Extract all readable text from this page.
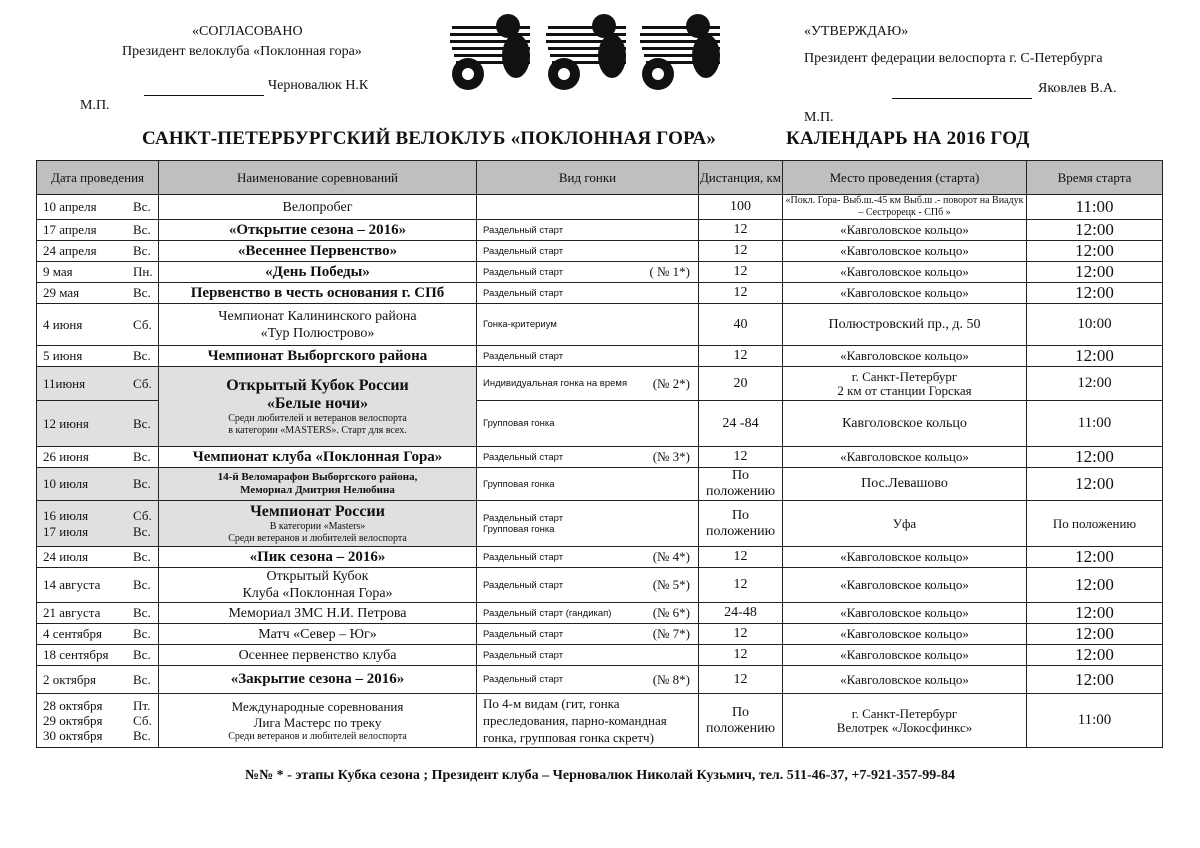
«СОГЛАСОВАНО
Президент велоклуба «Поклонная гора»
Черновалюк Н.К
М.П.
«УТВЕРЖДАЮ»
Президент федерации велоспорта г. С-Петербурга
Яковлев В.А.
М.П.
САНКТ-ПЕТЕРБУРГСКИЙ ВЕЛОКЛУБ «ПОКЛОННАЯ ГОРА»	КАЛЕНДАРЬ НА 2016 ГОД
Дата проведения	Наименование соревнований	Вид гонки	Дистанция, км	Место проведения (старта)	Время старта
10 апреля Вс.	Велопробег		100	«Покл. Гора- Выб.ш.-45 км Выб.ш .- поворот на Виадук – Сестрорецк - СПб »	11:00
17 апреля Вс.	«Открытие сезона – 2016»	Раздельный старт	12	«Кавголовское кольцо»	12:00
24 апреля Вс.	«Весеннее Первенство»	Раздельный старт	12	«Кавголовское кольцо»	12:00
9 мая Пн.	«День Победы»	Раздельный старт ( № 1*)	12	«Кавголовское кольцо»	12:00
29 мая Вс.	Первенство в честь основания г. СПб	Раздельный старт	12	«Кавголовское кольцо»	12:00
4 июня Сб.	Чемпионат Калининского района
«Тур Полюстрово»	Гонка-критериум	40	Полюстровский пр., д. 50	10:00
5 июня Вс.	Чемпионат Выборгского района	Раздельный старт	12	«Кавголовское кольцо»	12:00
11июня Сб.	Открытый Кубок России
«Белые ночи»
Среди любителей и ветеранов велоспорта
в категории «MASTERS». Старт для всех.	Индивидуальная гонка на время (№ 2*)	20	г. Санкт-Петербург
2 км от станции Горская	12:00
12 июня Вс.		Групповая гонка	24 -84	Кавголовское кольцо	11:00
26 июня Вс.	Чемпионат клуба «Поклонная Гора»	Раздельный старт (№ 3*)	12	«Кавголовское кольцо»	12:00
10 июля Вс.	14-й Веломарафон Выборгского района,
Мемориал Дмитрия Нелюбина	Групповая гонка	По положению	Пос.Левашово	12:00
16 июля Сб.
17 июля Вс.	Чемпионат России
В категории «Masters»
Среди ветеранов и любителей велоспорта	Раздельный старт
Групповая гонка	По положению	Уфа	По положению
24 июля Вс.	«Пик сезона – 2016»	Раздельный старт (№ 4*)	12	«Кавголовское кольцо»	12:00
14 августа Вс.	Открытый Кубок
Клуба «Поклонная Гора»	Раздельный старт (№ 5*)	12	«Кавголовское кольцо»	12:00
21 августа Вс.	Мемориал ЗМС Н.И. Петрова	Раздельный старт (гандикап) (№ 6*)	24-48	«Кавголовское кольцо»	12:00
4 сентября Вс.	Матч «Север – Юг»	Раздельный старт (№ 7*)	12	«Кавголовское кольцо»	12:00
18 сентября Вс.	Осеннее первенство клуба	Раздельный старт	12	«Кавголовское кольцо»	12:00
2 октября Вс.	«Закрытие сезона – 2016»	Раздельный старт (№ 8*)	12	«Кавголовское кольцо»	12:00
28 октября Пт.
29 октября Сб.
30 октября Вс.	Международные соревнования
Лига Мастерс по треку
Среди ветеранов и любителей велоспорта	По 4-м видам (гит, гонка преследования, парно-командная гонка, групповая гонка скретч)	По положению	г. Санкт-Петербург
Велотрек «Локосфинкс»	11:00
№№ * - этапы Кубка сезона ; Президент клуба – Черновалюк Николай Кузьмич, тел. 511-46-37, +7-921-357-99-84
